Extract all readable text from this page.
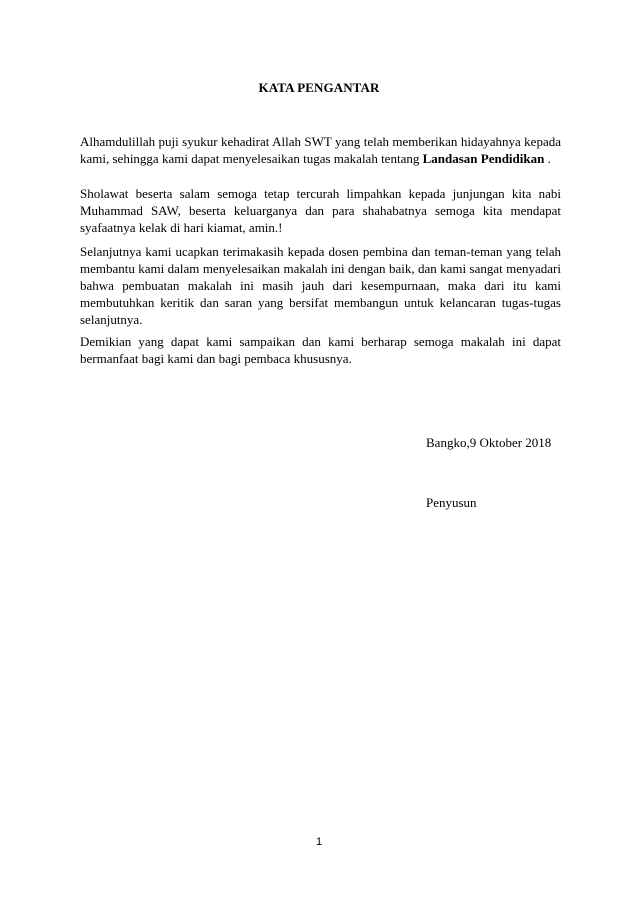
KATA PENGANTAR

Alhamdulillah puji syukur kehadirat Allah SWT yang telah memberikan hidayahnya kepada kami, sehingga kami dapat menyelesaikan tugas makalah tentang Landasan Pendidikan .

Sholawat beserta salam semoga tetap tercurah limpahkan kepada junjungan kita nabi Muhammad SAW, beserta keluarganya dan para shahabatnya semoga kita mendapat syafaatnya kelak di hari kiamat, amin.!

Selanjutnya kami ucapkan terimakasih kepada dosen pembina dan teman-teman yang telah membantu kami dalam menyelesaikan makalah ini dengan baik, dan kami sangat menyadari bahwa pembuatan makalah ini masih jauh dari kesempurnaan, maka dari itu kami membutuhkan keritik dan saran yang bersifat membangun untuk kelancaran tugas-tugas selanjutnya.

Demikian yang dapat kami sampaikan dan kami berharap semoga makalah ini dapat bermanfaat bagi kami dan bagi pembaca khususnya.

Bangko,9 Oktober 2018
Penyusun
1
